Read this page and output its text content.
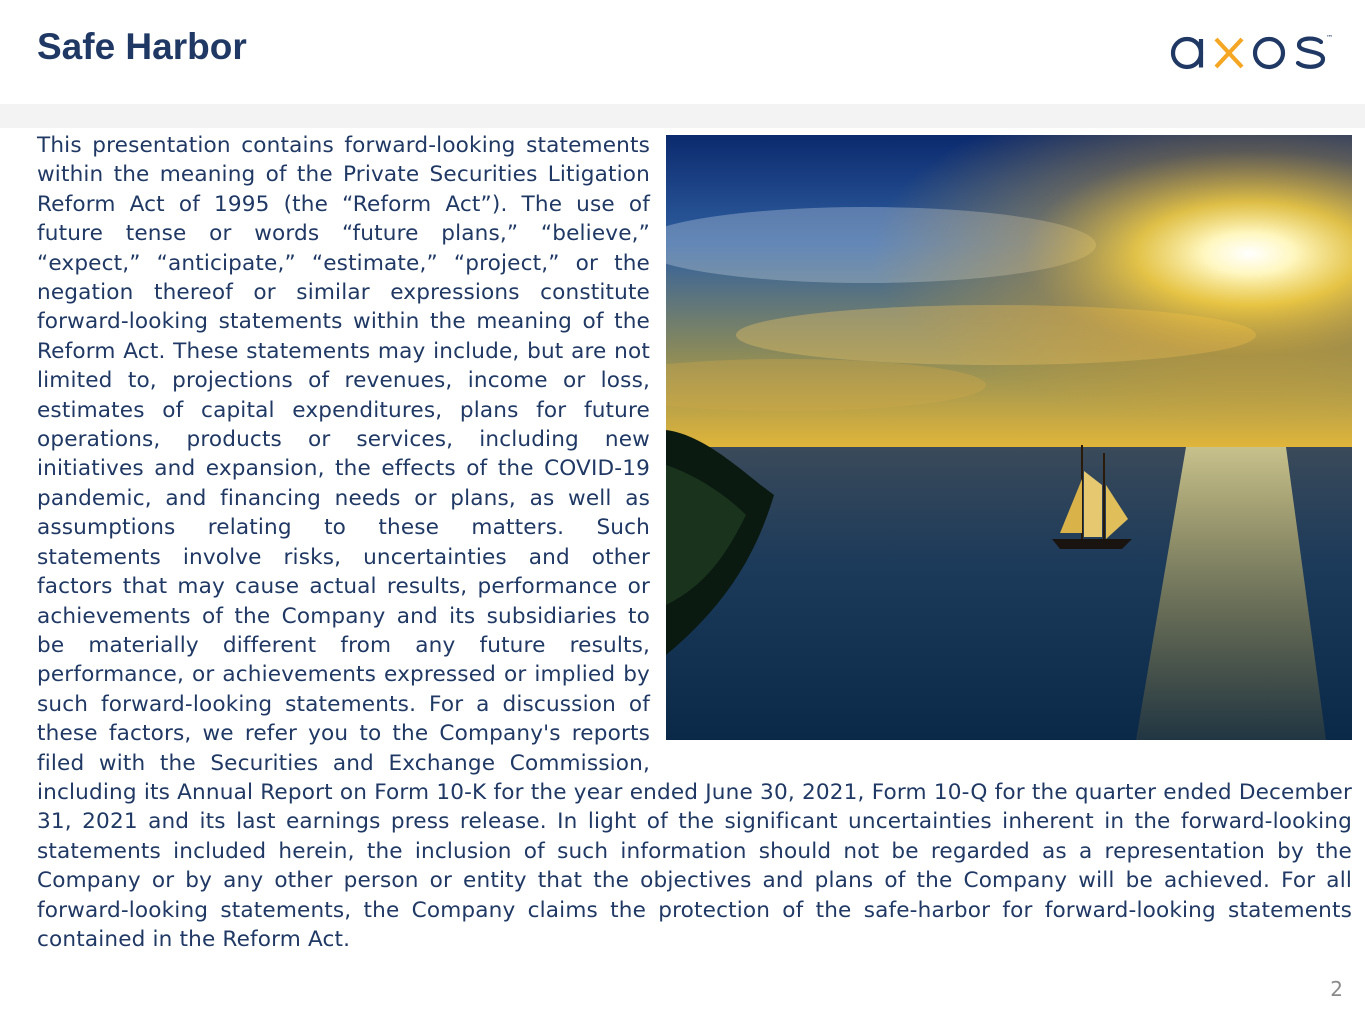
Safe Harbor	™
This presentation contains forward-looking statements within the meaning of the Private Securities Litigation Reform Act of 1995 (the “Reform Act”). The use of future tense or words “future plans,” “believe,” “expect,” “anticipate,” “estimate,” “project,” or the negation thereof or similar expressions constitute forward-looking statements within the meaning of the Reform Act. These statements may include, but are not limited to, projections of revenues, income or loss, estimates of capital expenditures, plans for future operations, products or services, including new initiatives and expansion, the effects of the COVID-19 pandemic, and financing needs or plans, as well as assumptions relating to these matters. Such statements involve risks, uncertainties and other factors that may cause actual results, performance or achievements of the Company and its subsidiaries to be materially different from any future results, performance, or achievements expressed or implied by such forward-looking statements. For a discussion of these factors, we refer you to the Company's reports filed with the Securities and Exchange Commission, including its Annual Report on Form 10-K for the year ended June 30, 2021, Form 10-Q for the quarter ended December 31, 2021 and its last earnings press release. In light of the significant uncertainties inherent in the forward-looking statements included herein, the inclusion of such information should not be regarded as a representation by the Company or by any other person or entity that the objectives and plans of the Company will be achieved. For all forward-looking statements, the Company claims the protection of the safe-harbor for forward-looking statements contained in the Reform Act.
2
